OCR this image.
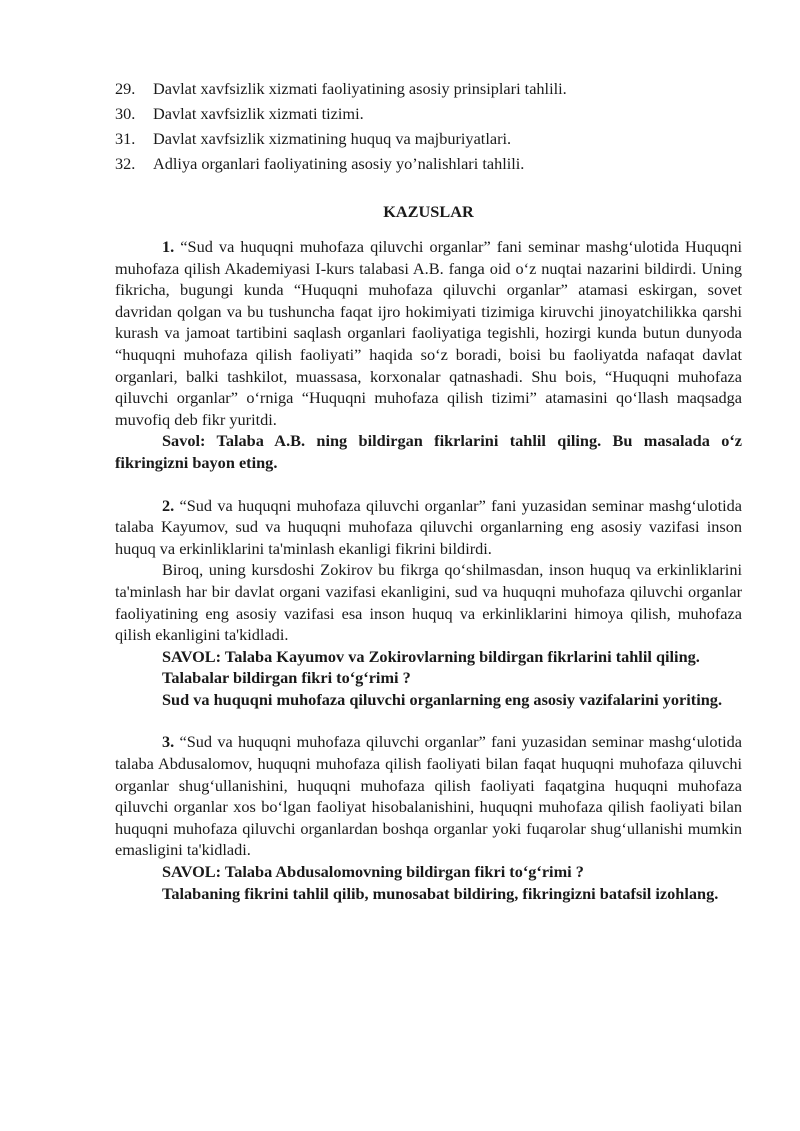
29.	Davlat xavfsizlik xizmati faoliyatining asosiy prinsiplari tahlili.
30.	Davlat xavfsizlik xizmati tizimi.
31.	Davlat xavfsizlik xizmatining huquq va majburiyatlari.
32.	Adliya organlari faoliyatining asosiy yo’nalishlari tahlili.
KAZUSLAR

1. “Sud va huquqni muhofaza qiluvchi organlar” fani seminar mashg‘ulotida Huquqni muhofaza qilish Akademiyasi I-kurs talabasi A.B. fanga oid o‘z nuqtai nazarini bildirdi. Uning fikricha, bugungi kunda “Huquqni muhofaza qiluvchi organlar” atamasi eskirgan, sovet davridan qolgan va bu tushuncha faqat ijro hokimiyati tizimiga kiruvchi jinoyatchilikka qarshi kurash va jamoat tartibini saqlash organlari faoliyatiga tegishli, hozirgi kunda butun dunyoda “huquqni muhofaza qilish faoliyati” haqida so‘z boradi, boisi bu faoliyatda nafaqat davlat organlari, balki tashkilot, muassasa, korxonalar qatnashadi. Shu bois, “Huquqni muhofaza qiluvchi organlar” o‘rniga “Huquqni muhofaza qilish tizimi” atamasini qo‘llash maqsadga muvofiq deb fikr yuritdi.

Savol: Talaba A.B. ning bildirgan fikrlarini tahlil qiling. Bu masalada o‘z fikringizni bayon eting.

2. “Sud va huquqni muhofaza qiluvchi organlar” fani yuzasidan seminar mashg‘ulotida talaba Kayumov, sud va huquqni muhofaza qiluvchi organlarning eng asosiy vazifasi inson huquq va erkinliklarini ta'minlash ekanligi fikrini bildirdi.

Biroq, uning kursdoshi Zokirov bu fikrga qo‘shilmasdan, inson huquq va erkinliklarini ta'minlash har bir davlat organi vazifasi ekanligini, sud va huquqni muhofaza qiluvchi organlar faoliyatining eng asosiy vazifasi esa inson huquq va erkinliklarini himoya qilish, muhofaza qilish ekanligini ta'kidladi.

SAVOL: Talaba Kayumov va Zokirovlarning bildirgan fikrlarini tahlil qiling.

Talabalar bildirgan fikri to‘g‘rimi ?

Sud va huquqni muhofaza qiluvchi organlarning eng asosiy vazifalarini yoriting.

3. “Sud va huquqni muhofaza qiluvchi organlar” fani yuzasidan seminar mashg‘ulotida talaba Abdusalomov, huquqni muhofaza qilish faoliyati bilan faqat huquqni muhofaza qiluvchi organlar shug‘ullanishini, huquqni muhofaza qilish faoliyati faqatgina huquqni muhofaza qiluvchi organlar xos bo‘lgan faoliyat hisobalanishini, huquqni muhofaza qilish faoliyati bilan huquqni muhofaza qiluvchi organlardan boshqa organlar yoki fuqarolar shug‘ullanishi mumkin emasligini ta'kidladi.

SAVOL: Talaba Abdusalomovning bildirgan fikri to‘g‘rimi ?

Talabaning fikrini tahlil qilib, munosabat bildiring, fikringizni batafsil izohlang.
